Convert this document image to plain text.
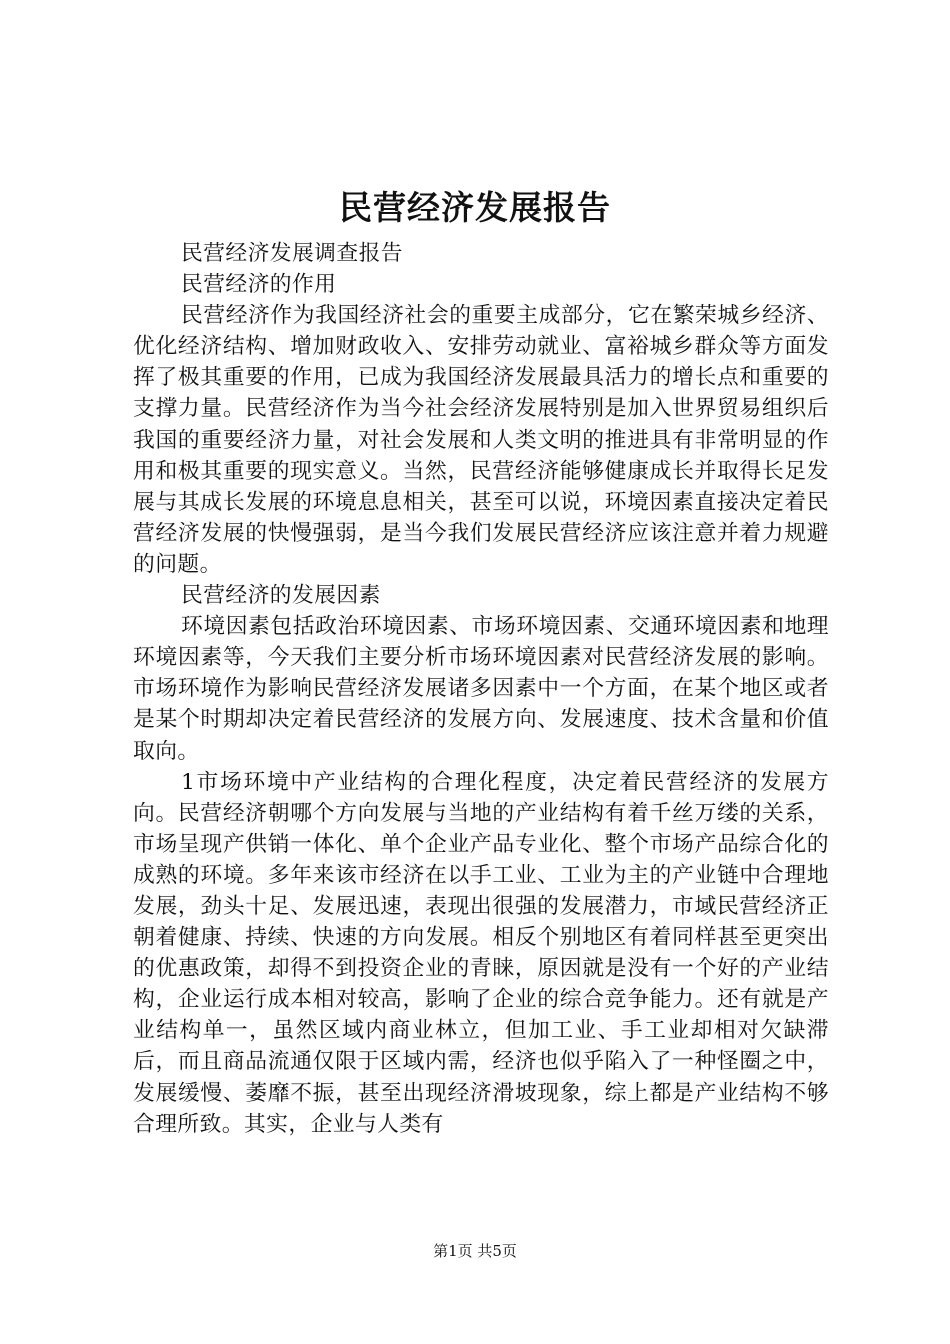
民营经济发展报告

民营经济发展调查报告

民营经济的作用

民营经济作为我国经济社会的重要主成部分，它在繁荣城乡经济、优化经济结构、增加财政收入、安排劳动就业、富裕城乡群众等方面发挥了极其重要的作用，已成为我国经济发展最具活力的增长点和重要的支撑力量。民营经济作为当今社会经济发展特别是加入世界贸易组织后我国的重要经济力量，对社会发展和人类文明的推进具有非常明显的作用和极其重要的现实意义。当然，民营经济能够健康成长并取得长足发展与其成长发展的环境息息相关，甚至可以说，环境因素直接决定着民营经济发展的快慢强弱，是当今我们发展民营经济应该注意并着力规避的问题。

民营经济的发展因素

环境因素包括政治环境因素、市场环境因素、交通环境因素和地理环境因素等，今天我们主要分析市场环境因素对民营经济发展的影响。市场环境作为影响民营经济发展诸多因素中一个方面，在某个地区或者是某个时期却决定着民营经济的发展方向、发展速度、技术含量和价值取向。

1市场环境中产业结构的合理化程度，决定着民营经济的发展方向。民营经济朝哪个方向发展与当地的产业结构有着千丝万缕的关系，市场呈现产供销一体化、单个企业产品专业化、整个市场产品综合化的成熟的环境。多年来该市经济在以手工业、工业为主的产业链中合理地发展，劲头十足、发展迅速，表现出很强的发展潜力，市域民营经济正朝着健康、持续、快速的方向发展。相反个别地区有着同样甚至更突出的优惠政策，却得不到投资企业的青睐，原因就是没有一个好的产业结构，企业运行成本相对较高，影响了企业的综合竞争能力。还有就是产业结构单一，虽然区域内商业林立，但加工业、手工业却相对欠缺滞后，而且商品流通仅限于区域内需，经济也似乎陷入了一种怪圈之中，发展缓慢、萎靡不振，甚至出现经济滑坡现象，综上都是产业结构不够合理所致。其实，企业与人类有

第1页 共5页
